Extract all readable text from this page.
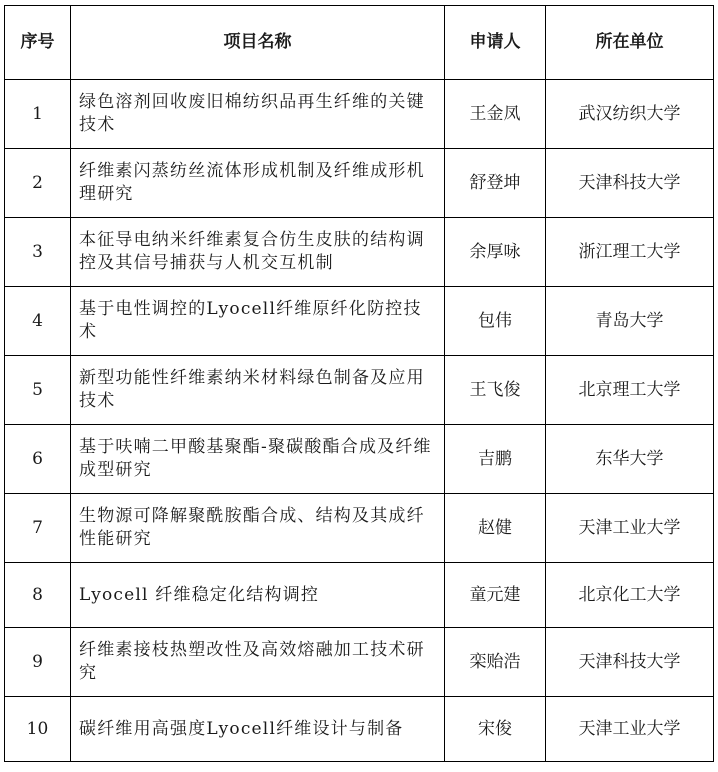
序号	项目名称	申请人	所在单位
1	绿色溶剂回收废旧棉纺织品再生纤维的关键技术	王金凤	武汉纺织大学
2	纤维素闪蒸纺丝流体形成机制及纤维成形机理研究	舒登坤	天津科技大学
3	本征导电纳米纤维素复合仿生皮肤的结构调控及其信号捕获与人机交互机制	余厚咏	浙江理工大学
4	基于电性调控的Lyocell纤维原纤化防控技术	包伟	青岛大学
5	新型功能性纤维素纳米材料绿色制备及应用技术	王飞俊	北京理工大学
6	基于呋喃二甲酸基聚酯-聚碳酸酯合成及纤维成型研究	吉鹏	东华大学
7	生物源可降解聚酰胺酯合成、结构及其成纤性能研究	赵健	天津工业大学
8	Lyocell 纤维稳定化结构调控	童元建	北京化工大学
9	纤维素接枝热塑改性及高效熔融加工技术研究	栾贻浩	天津科技大学
10	碳纤维用高强度Lyocell纤维设计与制备	宋俊	天津工业大学
